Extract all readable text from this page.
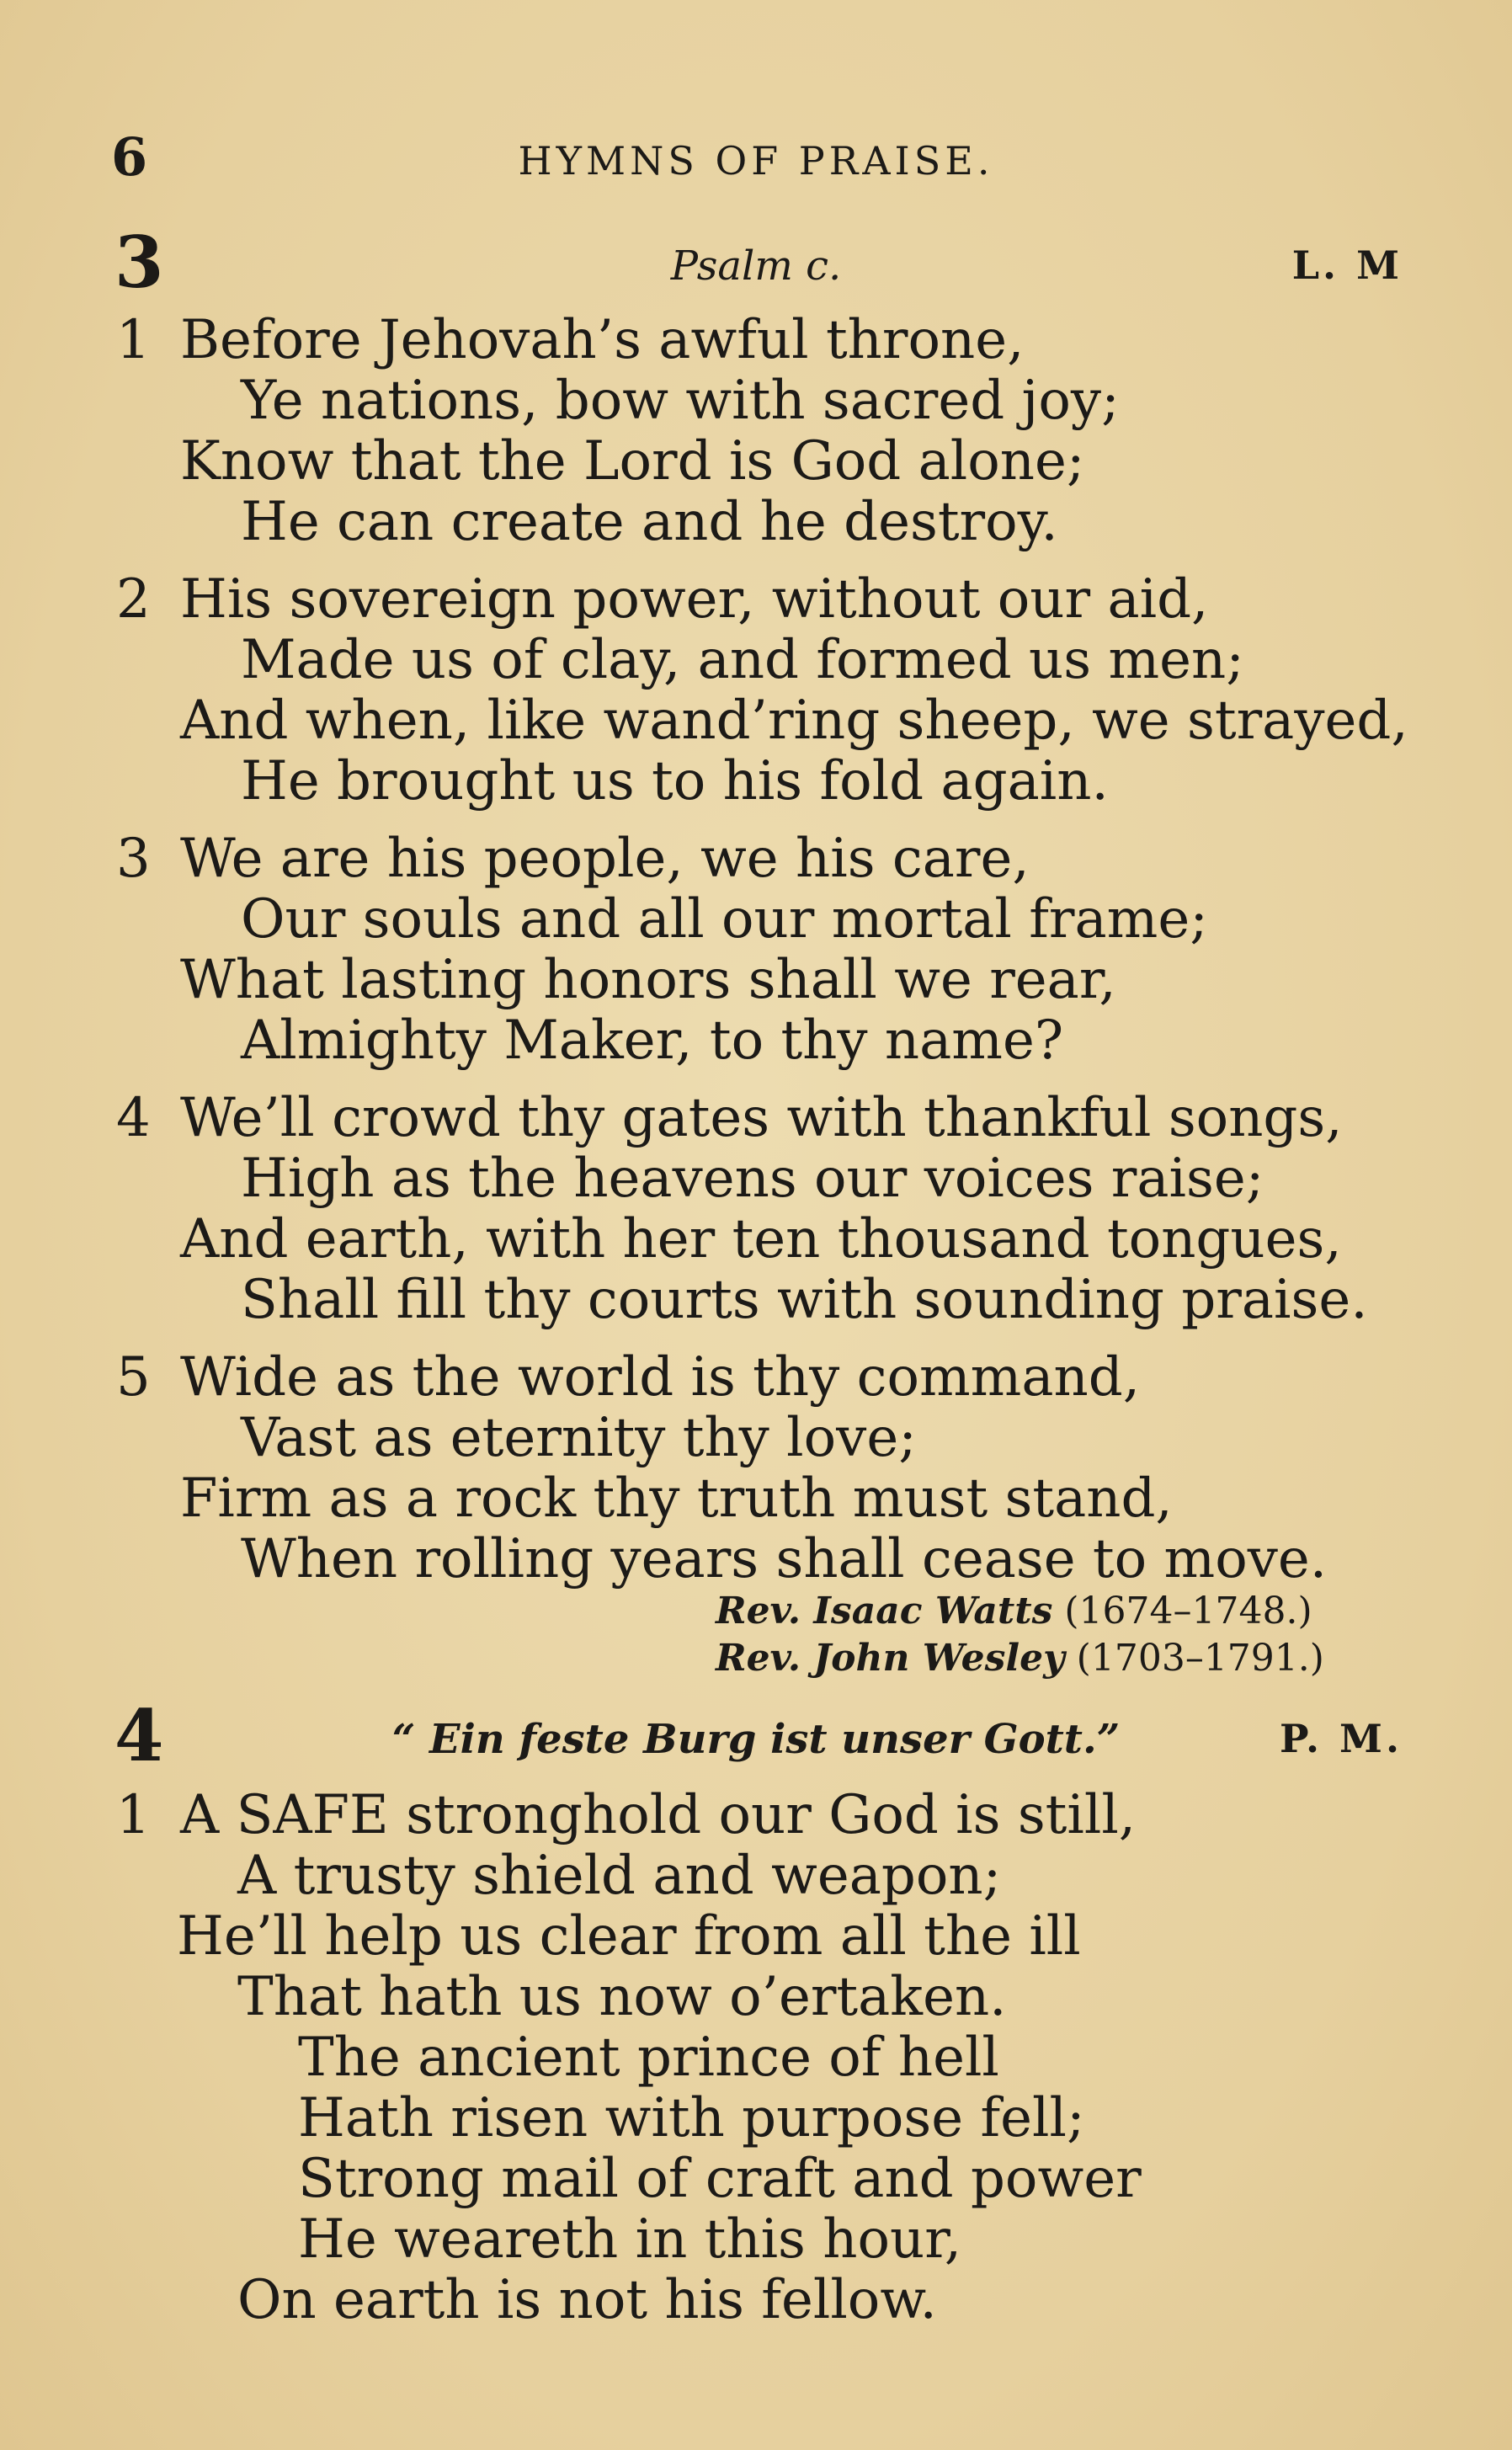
6	HYMNS OF PRAISE.
3	Psalm c.	L. M
1 Before Jehovah’s awful throne,
Ye nations, bow with sacred joy;
Know that the Lord is God alone;
He can create and he destroy.
2 His sovereign power, without our aid,
Made us of clay, and formed us men;
And when, like wand’ring sheep, we strayed,
He brought us to his fold again.
3 We are his people, we his care,
Our souls and all our mortal frame;
What lasting honors shall we rear,
Almighty Maker, to thy name?
4 We’ll crowd thy gates with thankful songs,
High as the heavens our voices raise;
And earth, with her ten thousand tongues,
Shall fill thy courts with sounding praise.
5 Wide as the world is thy command,
Vast as eternity thy love;
Firm as a rock thy truth must stand,
When rolling years shall cease to move.
Rev. Isaac Watts (1674–1748.)
Rev. John Wesley (1703–1791.)
4	“ Ein feste Burg ist unser Gott.”	P. M.
1 A SAFE stronghold our God is still,
A trusty shield and weapon;
He’ll help us clear from all the ill
That hath us now o’ertaken.
The ancient prince of hell
Hath risen with purpose fell;
Strong mail of craft and power
He weareth in this hour,
On earth is not his fellow.
